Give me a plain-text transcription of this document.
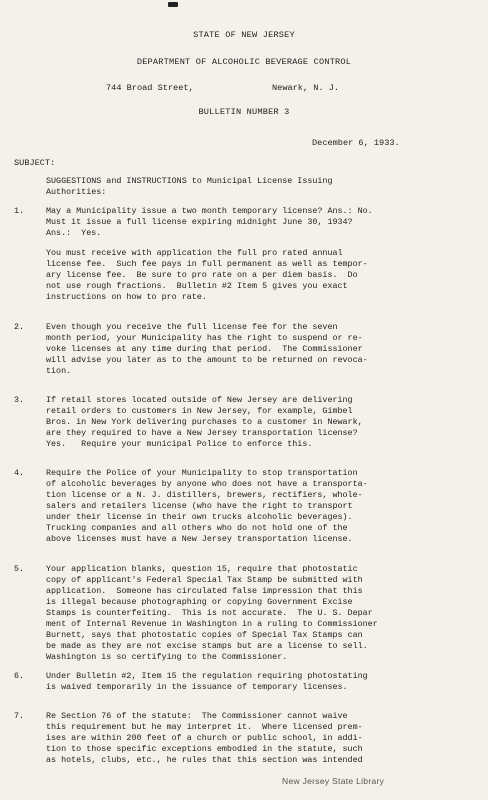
STATE OF NEW JERSEY
DEPARTMENT OF ALCOHOLIC BEVERAGE CONTROL
744 Broad Street,	Newark, N. J.
BULLETIN NUMBER 3
December 6, 1933.
SUBJECT:
SUGGESTIONS and INSTRUCTIONS to Municipal License Issuing
Authorities:
1.	May a Municipality issue a two month temporary license? Ans.: No.
Must it issue a full license expiring midnight June 30, 1934?
Ans.:  Yes.
You must receive with application the full pro rated annual
license fee.  Such fee pays in full permanent as well as tempor-
ary license fee.  Be sure to pro rate on a per diem basis.  Do
not use rough fractions.  Bulletin #2 Item 5 gives you exact
instructions on how to pro rate.
2.	Even though you receive the full license fee for the seven
month period, your Municipality has the right to suspend or re-
voke licenses at any time during that period.  The Commissioner
will advise you later as to the amount to be returned on revoca-
tion.
3.	If retail stores located outside of New Jersey are delivering
retail orders to customers in New Jersey, for example, Gimbel
Bros. in New York delivering purchases to a customer in Newark,
are they required to have a New Jersey transportation license?
Yes.   Require your municipal Police to enforce this.
4.	Require the Police of your Municipality to stop transportation
of alcoholic beverages by anyone who does not have a transporta-
tion license or a N. J. distillers, brewers, rectifiers, whole-
salers and retailers license (who have the right to transport
under their license in their own trucks alcoholic beverages).
Trucking companies and all others who do not hold one of the
above licenses must have a New Jersey transportation license.
5.	Your application blanks, question 15, require that photostatic
copy of applicant's Federal Special Tax Stamp be submitted with
application.  Someone has circulated false impression that this
is illegal because photographing or copying Government Excise
Stamps is counterfeiting.  This is not accurate.  The U. S. Depar
ment of Internal Revenue in Washington in a ruling to Commissioner
Burnett, says that photostatic copies of Special Tax Stamps can
be made as they are not excise stamps but are a license to sell.
Washington is so certifying to the Commissioner.
6.	Under Bulletin #2, Item 15 the regulation requiring photostating
is waived temporarily in the issuance of temporary licenses.
7.	Re Section 76 of the statute:  The Commissioner cannot waive
this requirement but he may interpret it.  Where licensed prem-
ises are within 200 feet of a church or public school, in addi-
tion to those specific exceptions embodied in the statute, such
as hotels, clubs, etc., he rules that this section was intended
New Jersey State Library
